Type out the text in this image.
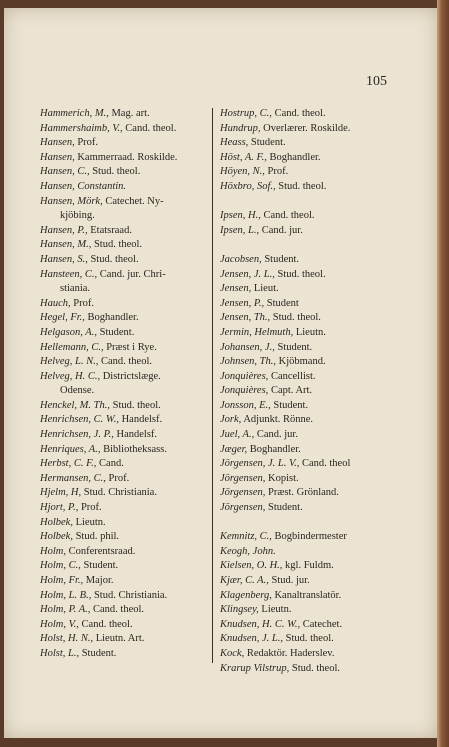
105
Hammerich, M., Mag. art.
Hammershaimb, V., Cand. theol.
Hansen, Prof.
Hansen, Kammerraad. Roskilde.
Hansen, C., Stud. theol.
Hansen, Constantin.
Hansen, Mörk, Catechet. Ny-
kjöbing.
Hansen, P., Etatsraad.
Hansen, M., Stud. theol.
Hansen, S., Stud. theol.
Hansteen, C., Cand. jur. Chri-
stiania.
Hauch, Prof.
Hegel, Fr., Boghandler.
Helgason, A., Student.
Hellemann, C., Præst i Rye.
Helveg, L. N., Cand. theol.
Helveg, H. C., Districtslæge.
Odense.
Henckel, M. Th., Stud. theol.
Henrichsen, C. W., Handelsf.
Henrichsen, J. P., Handelsf.
Henriques, A., Bibliotheksass.
Herbst, C. F., Cand.
Hermansen, C., Prof.
Hjelm, H, Stud. Christiania.
Hjort, P., Prof.
Holbek, Lieutn.
Holbek, Stud. phil.
Holm, Conferentsraad.
Holm, C., Student.
Holm, Fr., Major.
Holm, L. B., Stud. Christiania.
Holm, P. A., Cand. theol.
Holm, V., Cand. theol.
Holst, H. N., Lieutn. Art.
Holst, L., Student.
Hostrup, C., Cand. theol.
Hundrup, Overlærer. Roskilde.
Heass, Student.
Höst, A. F., Boghandler.
Höyen, N., Prof.
Höxbro, Sof., Stud. theol.
Ipsen, H., Cand. theol.
Ipsen, L., Cand. jur.
Jacobsen, Student.
Jensen, J. L., Stud. theol.
Jensen, Lieut.
Jensen, P., Student
Jensen, Th., Stud. theol.
Jermin, Helmuth, Lieutn.
Johansen, J., Student.
Johnsen, Th., Kjöbmand.
Jonquières, Cancellist.
Jonquières, Capt. Art.
Jonsson, E., Student.
Jork, Adjunkt. Rönne.
Juel, A., Cand. jur.
Jæger, Boghandler.
Jörgensen, J. L. V., Cand. theol
Jörgensen, Kopist.
Jörgensen, Præst. Grönland.
Jörgensen, Student.
Kemnitz, C., Bogbindermester
Keogh, John.
Kielsen, O. H., kgl. Fuldm.
Kjær, C. A., Stud. jur.
Klagenberg, Kanaltranslatör.
Klingsey, Lieutn.
Knudsen, H. C. W., Catechet.
Knudsen, J. L., Stud. theol.
Kock, Redaktör. Haderslev.
Krarup Vilstrup, Stud. theol.
